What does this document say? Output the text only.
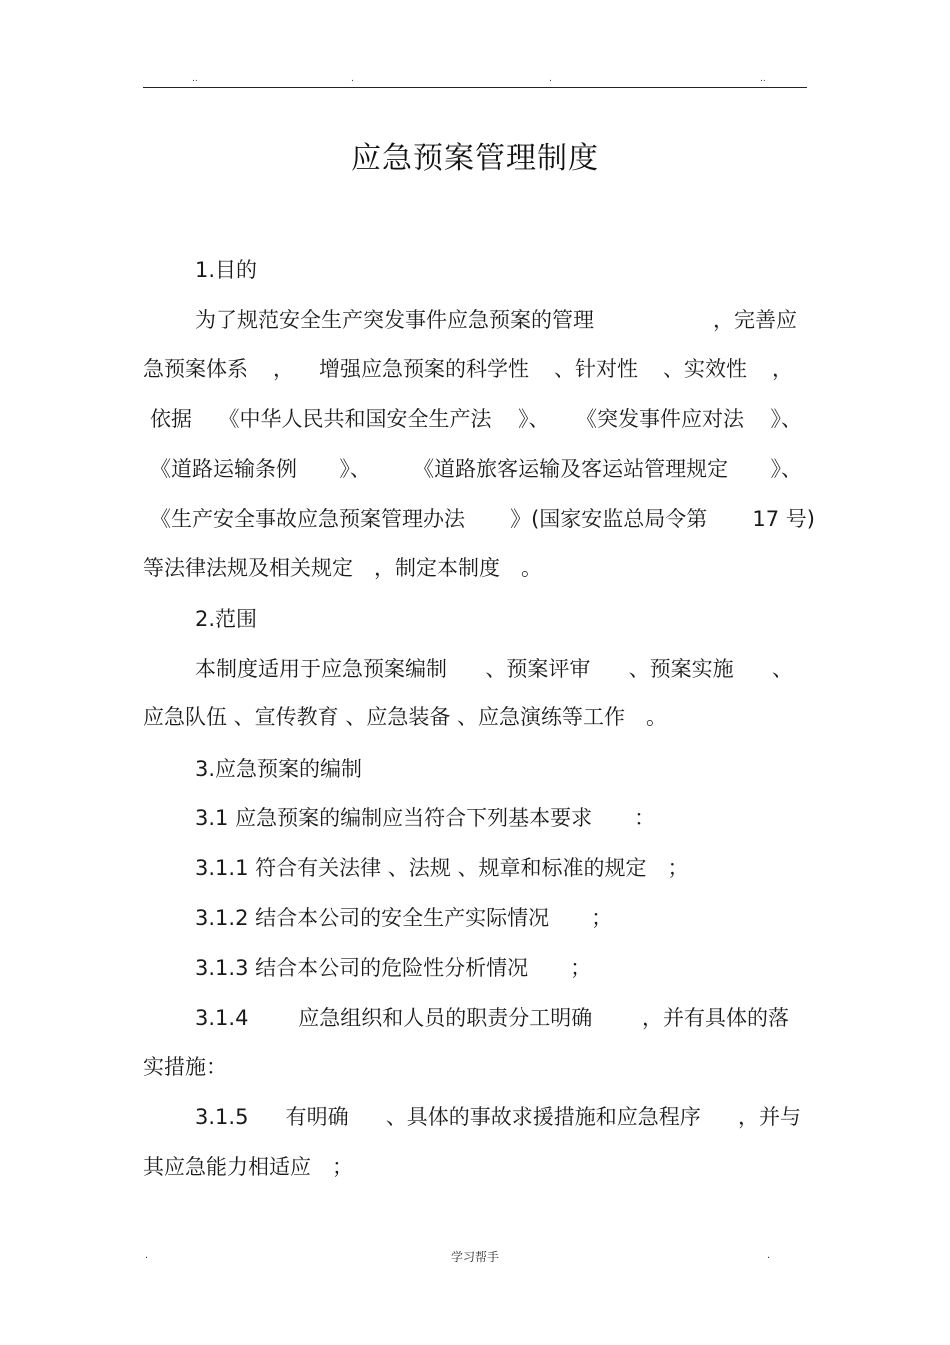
..	.	.	..
应急预案管理制度
1.目的
为了规范安全生产突发事件应急预案的管理	，完善应
急预案体系 ， 增强应急预案的科学性 、针对性 、实效性 ，
依据 《中华人民共和国安全生产法 》、 《突发事件应对法 》、
《道路运输条例 》、 《道路旅客运输及客运站管理规定 》、
《生产安全事故应急预案管理办法 》(国家安监总局令第 17 号)
等法律法规及相关规定　，制定本制度　。
2.范围
本制度适用于应急预案编制 、预案评审 、预案实施 、
应急队伍 、宣传教育 、应急装备 、应急演练等工作　。
3.应急预案的编制
3.1 应急预案的编制应当符合下列基本要求　　：
3.1.1 符合有关法律 、法规 、规章和标准的规定　；
3.1.2 结合本公司的安全生产实际情况　　；
3.1.3 结合本公司的危险性分析情况　　；
3.1.4 应急组织和人员的职责分工明确 ，并有具体的落
实措施：
3.1.5 有明确 、具体的事故求援措施和应急程序 ，并与
其应急能力相适应　；
.	学习帮手	.
